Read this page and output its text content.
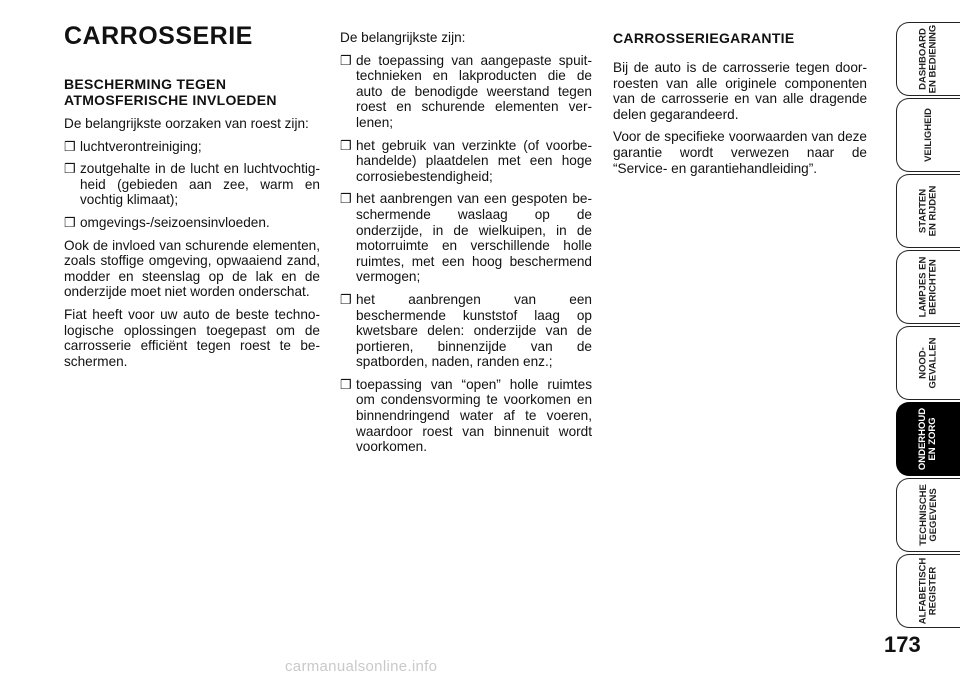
CARROSSERIE
BESCHERMING TEGEN
ATMOSFERISCHE INVLOEDEN

De belangrijkste oorzaken van roest zijn:

❒ luchtverontreiniging;
❒ zoutgehalte in de lucht en luchtvochtigheid (gebieden aan zee, warm en vochtig klimaat);
❒ omgevings-/seizoensinvloeden.

Ook de invloed van schurende elementen, zoals stoffige omgeving, opwaaiend zand, modder en steenslag op de lak en de onderzijde moet niet worden onderschat.

Fiat heeft voor uw auto de beste technologische oplossingen toegepast om de carrosserie efficiënt tegen roest te beschermen.

De belangrijkste zijn:

❒ de toepassing van aangepaste spuittechnieken en lakproducten die de auto de benodigde weerstand tegen roest en schurende elementen verlenen;
❒ het gebruik van verzinkte (of voorbehandelde) plaatdelen met een hoge corrosiebestendigheid;
❒ het aanbrengen van een gespoten beschermende waslaag op de onderzijde, in de wielkuipen, in de motorruimte en verschillende holle ruimtes, met een hoog beschermend vermogen;
❒ het aanbrengen van een beschermende kunststof laag op kwetsbare delen: onderzijde van de portieren, binnenzijde van de spatborden, naden, randen enz.;
❒ toepassing van “open” holle ruimtes om condensvorming te voorkomen en binnendringend water af te voeren, waardoor roest van binnenuit wordt voorkomen.
CARROSSERIEGARANTIE

Bij de auto is de carrosserie tegen doorroesten van alle originele componenten van de carrosserie en van alle dragende delen gegarandeerd.

Voor de specifieke voorwaarden van deze garantie wordt verwezen naar de “Service- en garantiehandleiding”.

DASHBOARD
EN BEDIENING
VEILIGHEID
STARTEN
EN RIJDEN
LAMPJES EN
BERICHTEN
NOOD-
GEVALLEN
ONDERHOUD
EN ZORG
TECHNISCHE
GEGEVENS
ALFABETISCH
REGISTER
173
carmanualsonline.info
